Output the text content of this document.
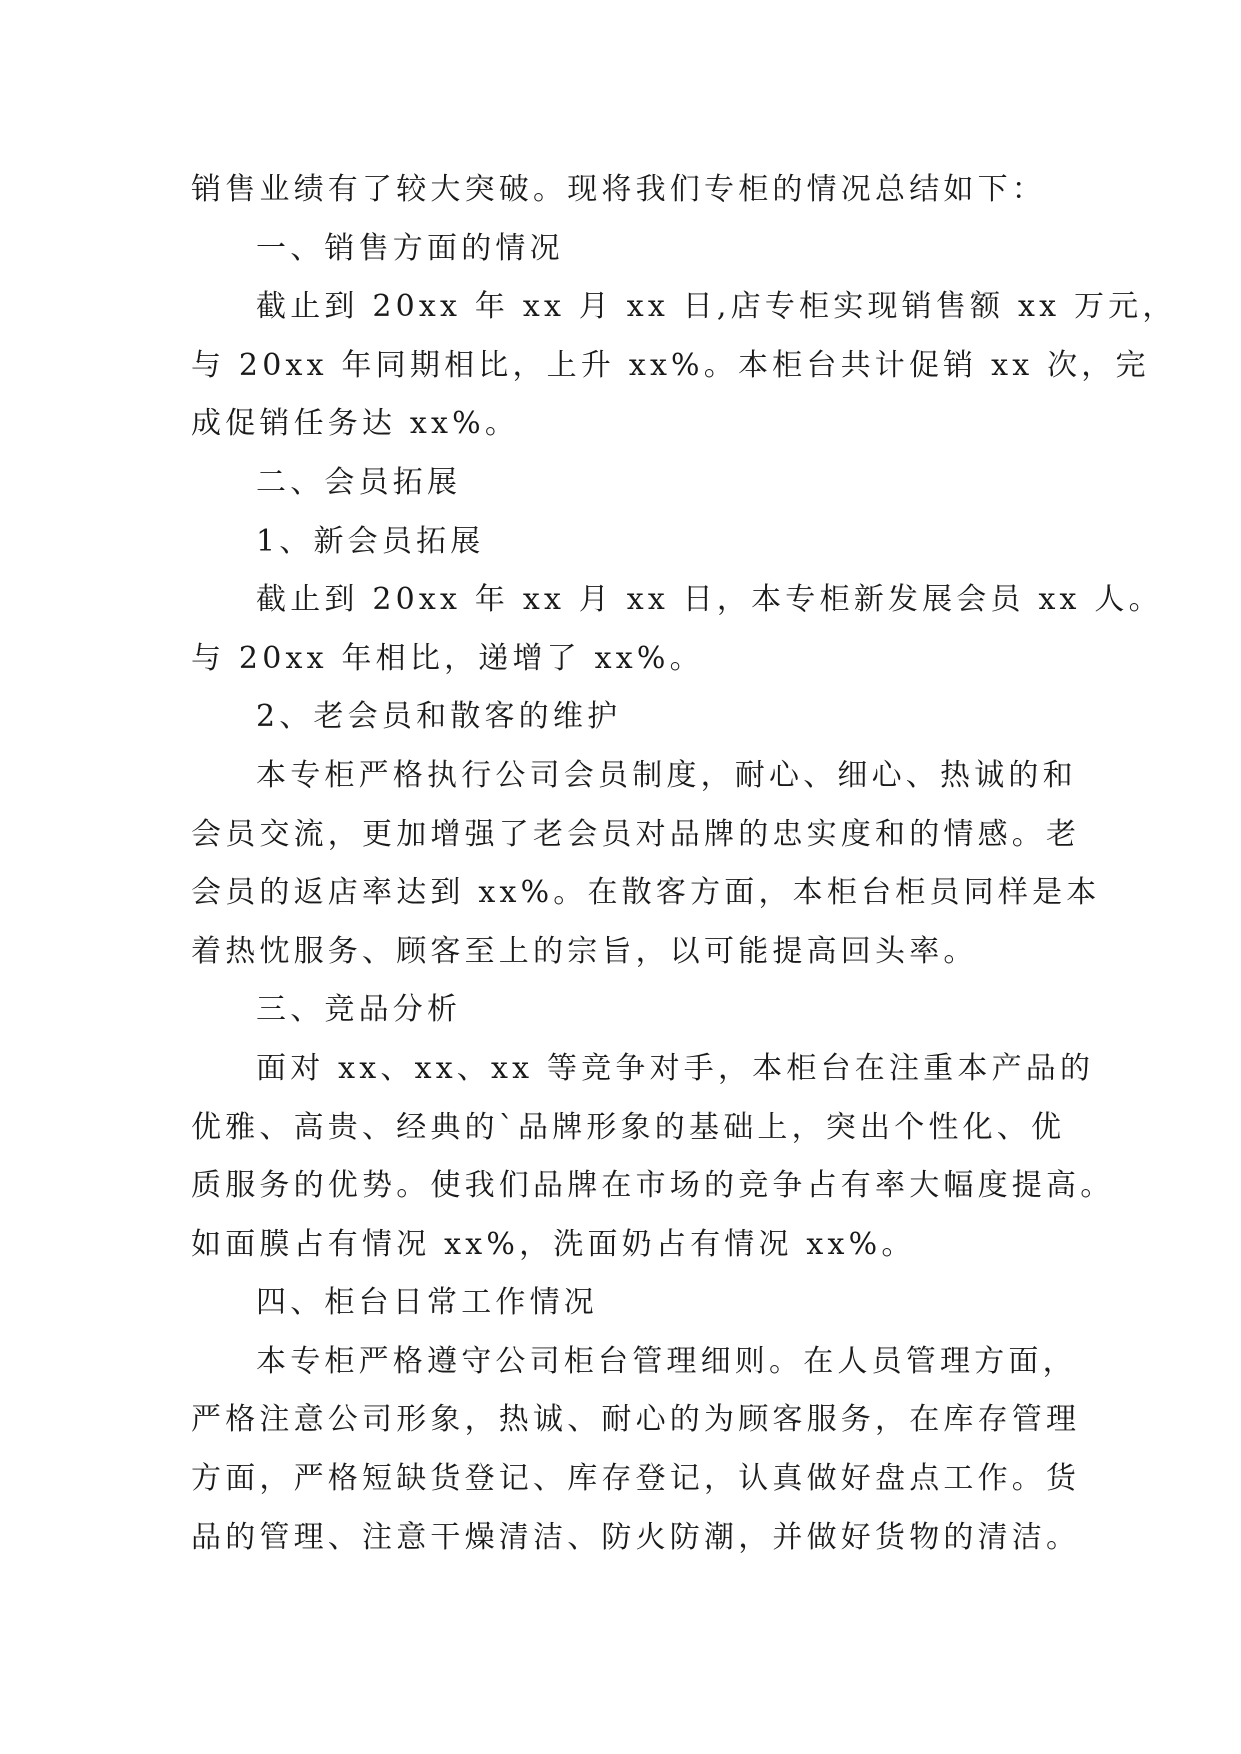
销售业绩有了较大突破。现将我们专柜的情况总结如下：
一、销售方面的情况
截止到 20xx 年 xx 月 xx 日,店专柜实现销售额 xx 万元，
与 20xx 年同期相比，上升 xx%。本柜台共计促销 xx 次，完
成促销任务达 xx%。
二、会员拓展
1、新会员拓展
截止到 20xx 年 xx 月 xx 日，本专柜新发展会员 xx 人。
与 20xx 年相比，递增了 xx%。
2、老会员和散客的维护
本专柜严格执行公司会员制度，耐心、细心、热诚的和
会员交流，更加增强了老会员对品牌的忠实度和的情感。老
会员的返店率达到 xx%。在散客方面，本柜台柜员同样是本
着热忱服务、顾客至上的宗旨，以可能提高回头率。
三、竞品分析
面对 xx、xx、xx 等竞争对手，本柜台在注重本产品的
优雅、高贵、经典的`品牌形象的基础上，突出个性化、优
质服务的优势。使我们品牌在市场的竞争占有率大幅度提高。
如面膜占有情况 xx%，洗面奶占有情况 xx%。
四、柜台日常工作情况
本专柜严格遵守公司柜台管理细则。在人员管理方面，
严格注意公司形象，热诚、耐心的为顾客服务，在库存管理
方面，严格短缺货登记、库存登记，认真做好盘点工作。货
品的管理、注意干燥清洁、防火防潮，并做好货物的清洁。
